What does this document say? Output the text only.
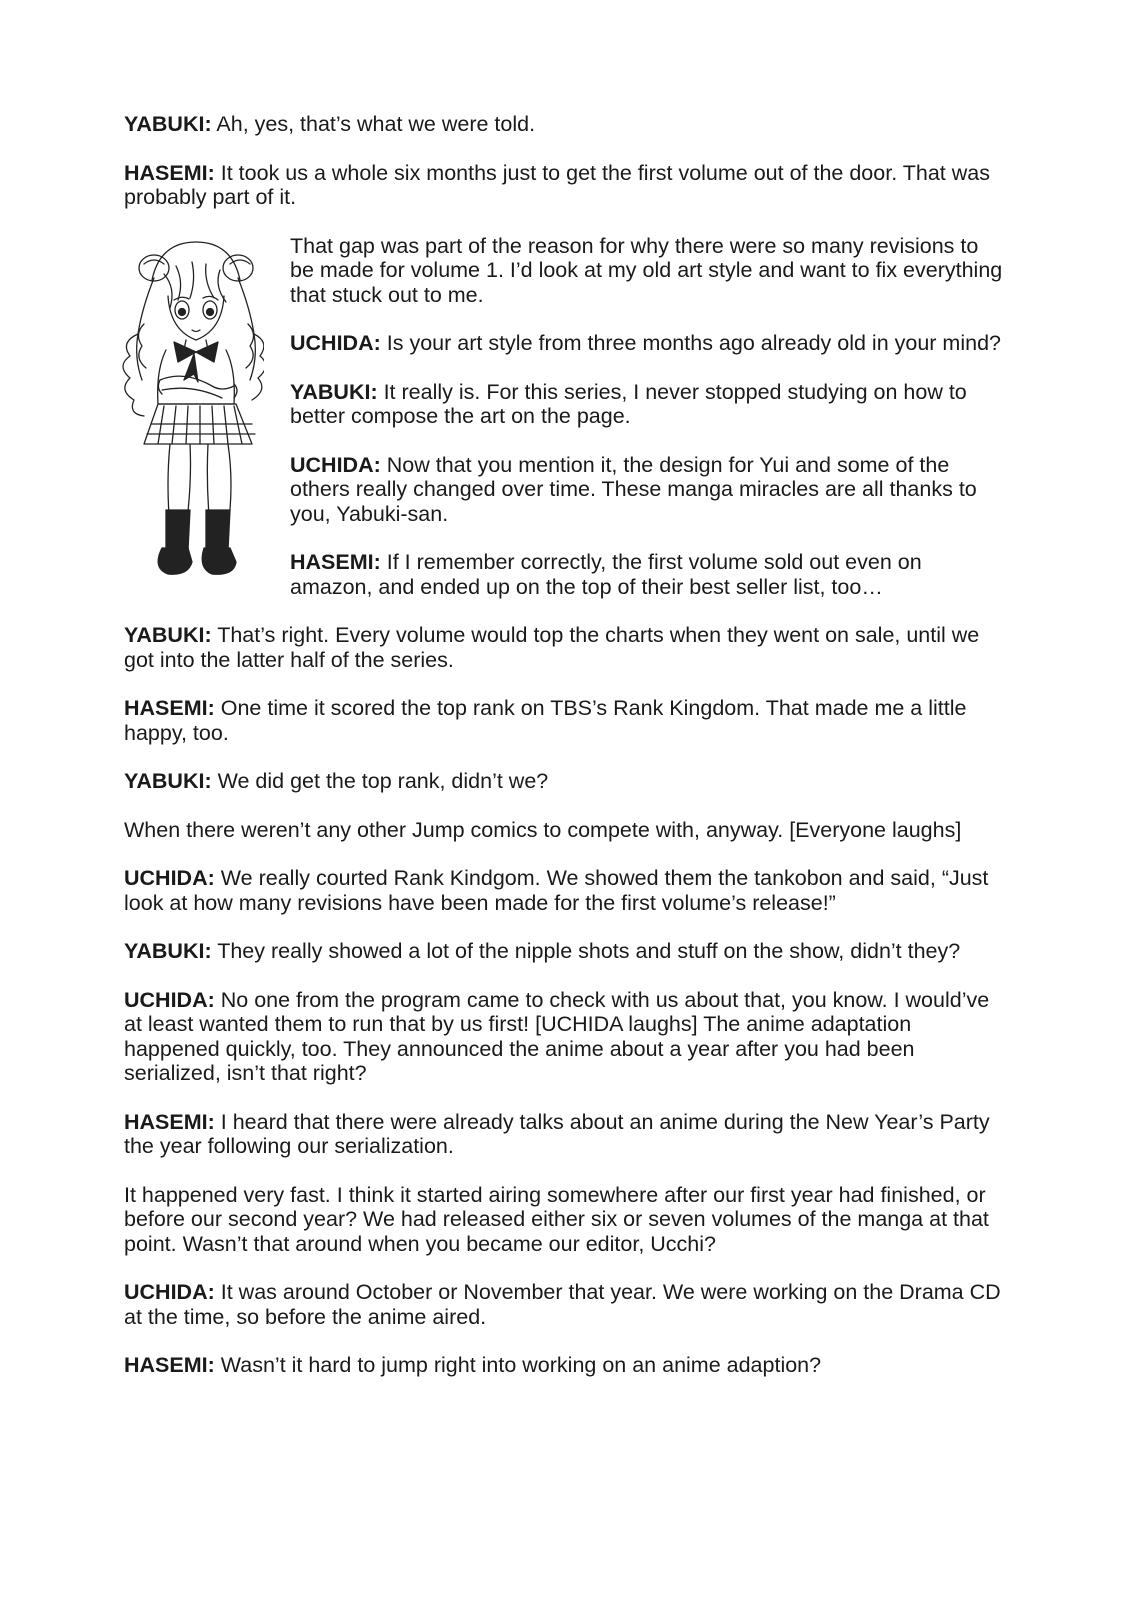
YABUKI: Ah, yes, that’s what we were told.

HASEMI: It took us a whole six months just to get the first volume out of the door. That was probably part of it.

That gap was part of the reason for why there were so many revisions to be made for volume 1. I’d look at my old art style and want to fix everything that stuck out to me.

UCHIDA: Is your art style from three months ago already old in your mind?

YABUKI: It really is. For this series, I never stopped studying on how to better compose the art on the page.

UCHIDA: Now that you mention it, the design for Yui and some of the others really changed over time. These manga miracles are all thanks to you, Yabuki-san.

HASEMI: If I remember correctly, the first volume sold out even on amazon, and ended up on the top of their best seller list, too…

YABUKI: That’s right. Every volume would top the charts when they went on sale, until we got into the latter half of the series.

HASEMI: One time it scored the top rank on TBS’s Rank Kingdom. That made me a little happy, too.

YABUKI: We did get the top rank, didn’t we?

When there weren’t any other Jump comics to compete with, anyway. [Everyone laughs]

UCHIDA: We really courted Rank Kindgom. We showed them the tankobon and said, “Just look at how many revisions have been made for the first volume’s release!”

YABUKI: They really showed a lot of the nipple shots and stuff on the show, didn’t they?

UCHIDA: No one from the program came to check with us about that, you know. I would’ve at least wanted them to run that by us first! [UCHIDA laughs] The anime adaptation happened quickly, too. They announced the anime about a year after you had been serialized, isn’t that right?

HASEMI: I heard that there were already talks about an anime during the New Year’s Party the year following our serialization.

It happened very fast. I think it started airing somewhere after our first year had finished, or before our second year? We had released either six or seven volumes of the manga at that point. Wasn’t that around when you became our editor, Ucchi?

UCHIDA: It was around October or November that year. We were working on the Drama CD at the time, so before the anime aired.

HASEMI: Wasn’t it hard to jump right into working on an anime adaption?
